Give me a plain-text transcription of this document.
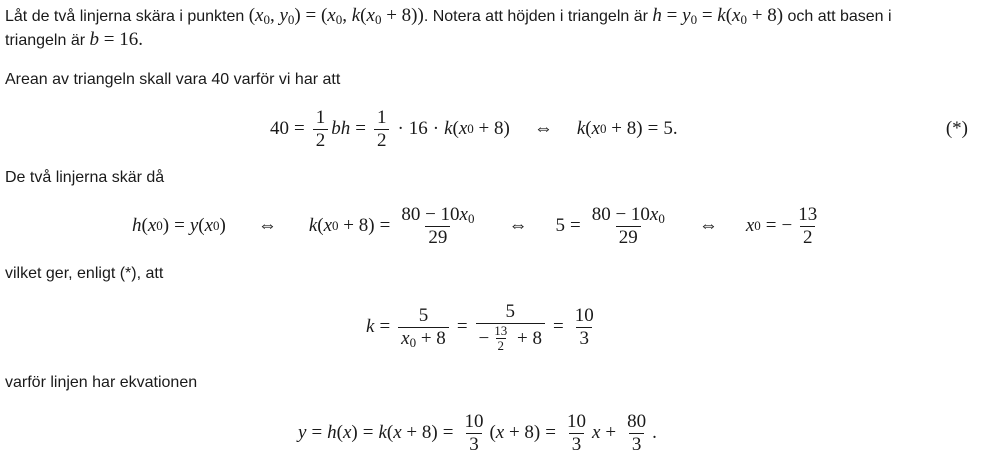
Låt de två linjerna skära i punkten ($x_0$, $y_0) = (x_0$, $k(x_0 + 8)$). Notera att höjden i triangeln är $h = y_0 = k(x_0 + 8)$ och att basen i
triangeln är b = 16.
Arean av triangeln skall vara 40 varför vi har att
$40 = \frac{1}{2}$ bh = $\frac{1}{2} \cdot 16 \cdot k$ ( x 0 + 8) ⇔ k ( x 0 + 8) = 5.	(*)
De två linjerna skär då
h ( x 0 ) = y ( x 0 ) ⇔ k ( x $0 + 8) = \frac{80 - 10x_0}{29}$ ⇔ $5 = \frac{80 - 10x_0}{29}$ ⇔ x 0 = − $\frac{13}{2}$
vilket ger, enligt (*), att
$k = \frac{5}{x_0 + 8} = \frac{5}{- \frac{13}{2} + 8} = \frac{10}{3}$
varför linjen har ekvationen
y = h ( x ) = k ( $x + 8) = \frac{10}{3}$ ( $x + 8) = \frac{10}{3}$ $x + \frac{80}{3}$ .
